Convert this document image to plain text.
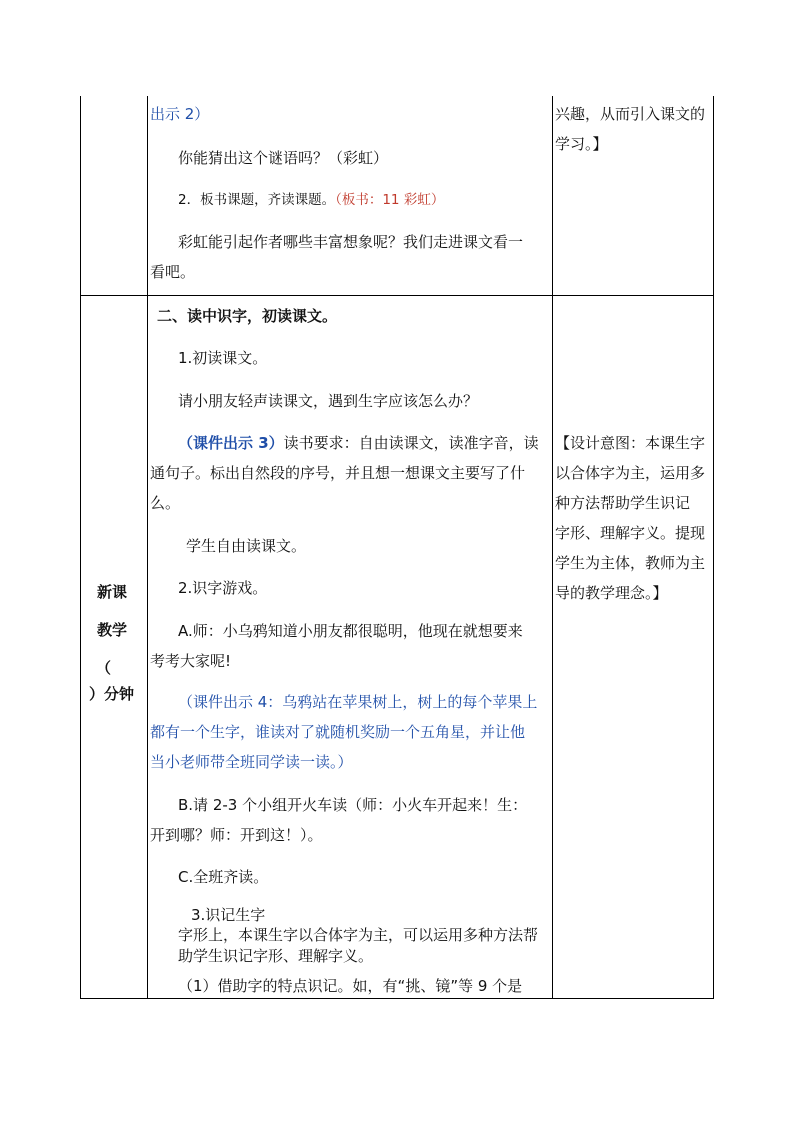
出示 2）
你能猜出这个谜语吗？（彩虹）
2．板书课题，齐读课题。（板书：11 彩虹）
彩虹能引起作者哪些丰富想象呢？我们走进课文看一
看吧。
兴趣，从而引入课文的
学习。】
新课
教学
（
）分钟
二、读中识字，初读课文。
1.初读课文。
请小朋友轻声读课文，遇到生字应该怎么办？
（课件出示 3）读书要求：自由读课文，读准字音，读
通句子。标出自然段的序号，并且想一想课文主要写了什
么。
学生自由读课文。
2.识字游戏。
A.师：小乌鸦知道小朋友都很聪明，他现在就想要来
考考大家呢!
（课件出示 4：乌鸦站在苹果树上，树上的每个苹果上
都有一个生字，谁读对了就随机奖励一个五角星，并让他
当小老师带全班同学读一读。）
B.请 2-3 个小组开火车读（师：小火车开起来！生：
开到哪？师：开到这！）。
C.全班齐读。
3.识记生字
字形上，本课生字以合体字为主，可以运用多种方法帮
助学生识记字形、理解字义。
（1）借助字的特点识记。如，有“挑、镜”等 9 个是
【设计意图：本课生字
以合体字为主，运用多
种方法帮助学生识记
字形、理解字义。提现
学生为主体，教师为主
导的教学理念。】
